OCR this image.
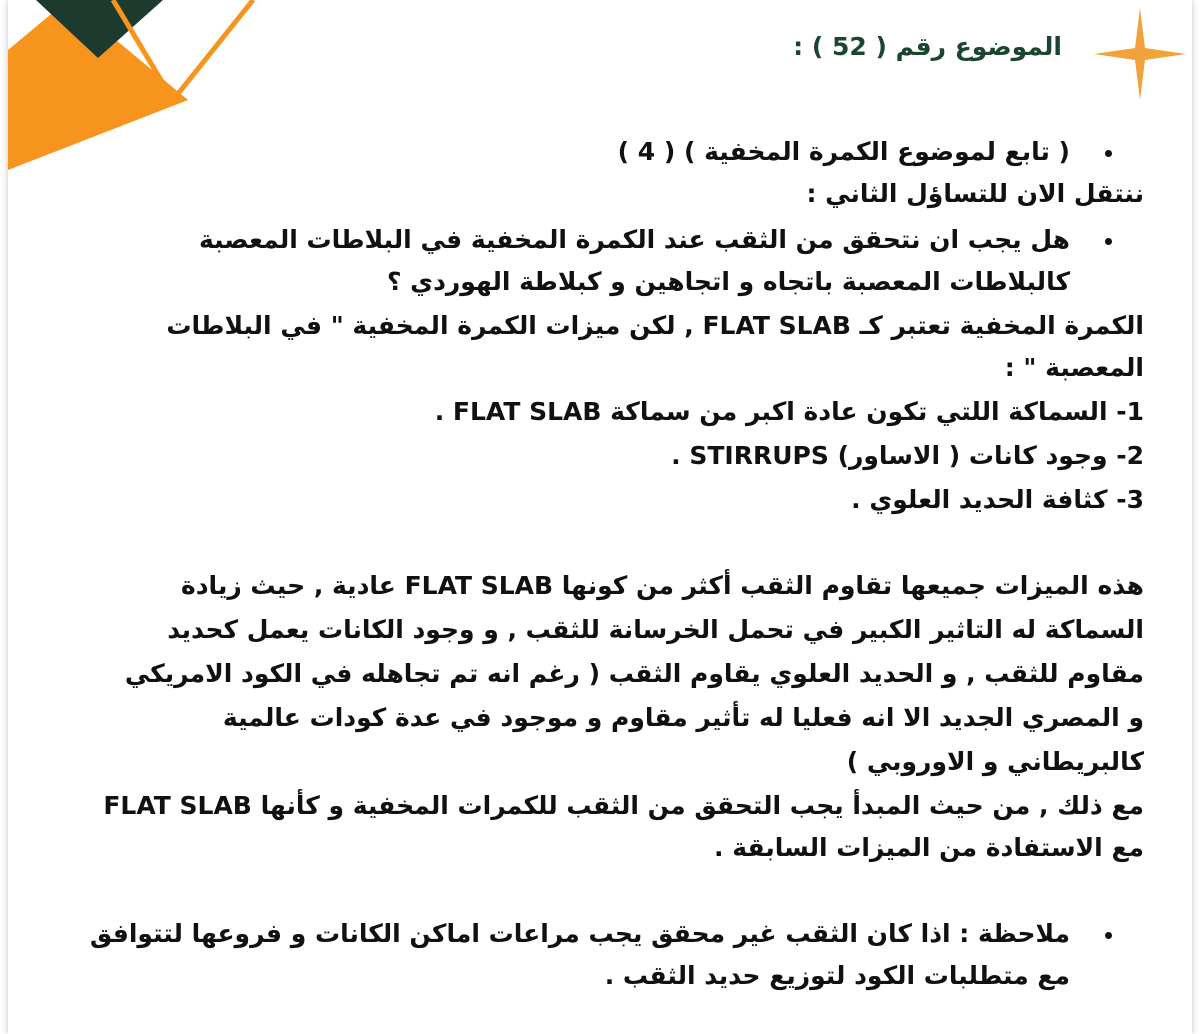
الموضوع رقم ( 52 ) :
( تابع لموضوع الكمرة المخفية ) ( 4 )
ننتقل الان للتساؤل الثاني :
هل يجب ان نتحقق من الثقب عند الكمرة المخفية في البلاطات المعصبة
كالبلاطات المعصبة باتجاه و اتجاهين و كبلاطة الهوردي ؟
الكمرة المخفية تعتبر كـ FLAT SLAB , لكن ميزات الكمرة المخفية " في البلاطات
المعصبة " :
1- السماكة اللتي تكون عادة اكبر من سماكة FLAT SLAB .
2- وجود كانات ( الاساور) STIRRUPS .
3- كثافة الحديد العلوي .
هذه الميزات جميعها تقاوم الثقب أكثر من كونها FLAT SLAB عادية , حيث زيادة
السماكة له التاثير الكبير في تحمل الخرسانة للثقب , و وجود الكانات يعمل كحديد
مقاوم للثقب , و الحديد العلوي يقاوم الثقب ( رغم انه تم تجاهله في الكود الامريكي
و المصري الجديد الا انه فعليا له تأثير مقاوم و موجود في عدة كودات عالمية
كالبريطاني و الاوروبي )
مع ذلك , من حيث المبدأ يجب التحقق من الثقب للكمرات المخفية و كأنها FLAT SLAB
مع الاستفادة من الميزات السابقة .
ملاحظة : اذا كان الثقب غير محقق يجب مراعات اماكن الكانات و فروعها لتتوافق
مع متطلبات الكود لتوزيع حديد الثقب .
